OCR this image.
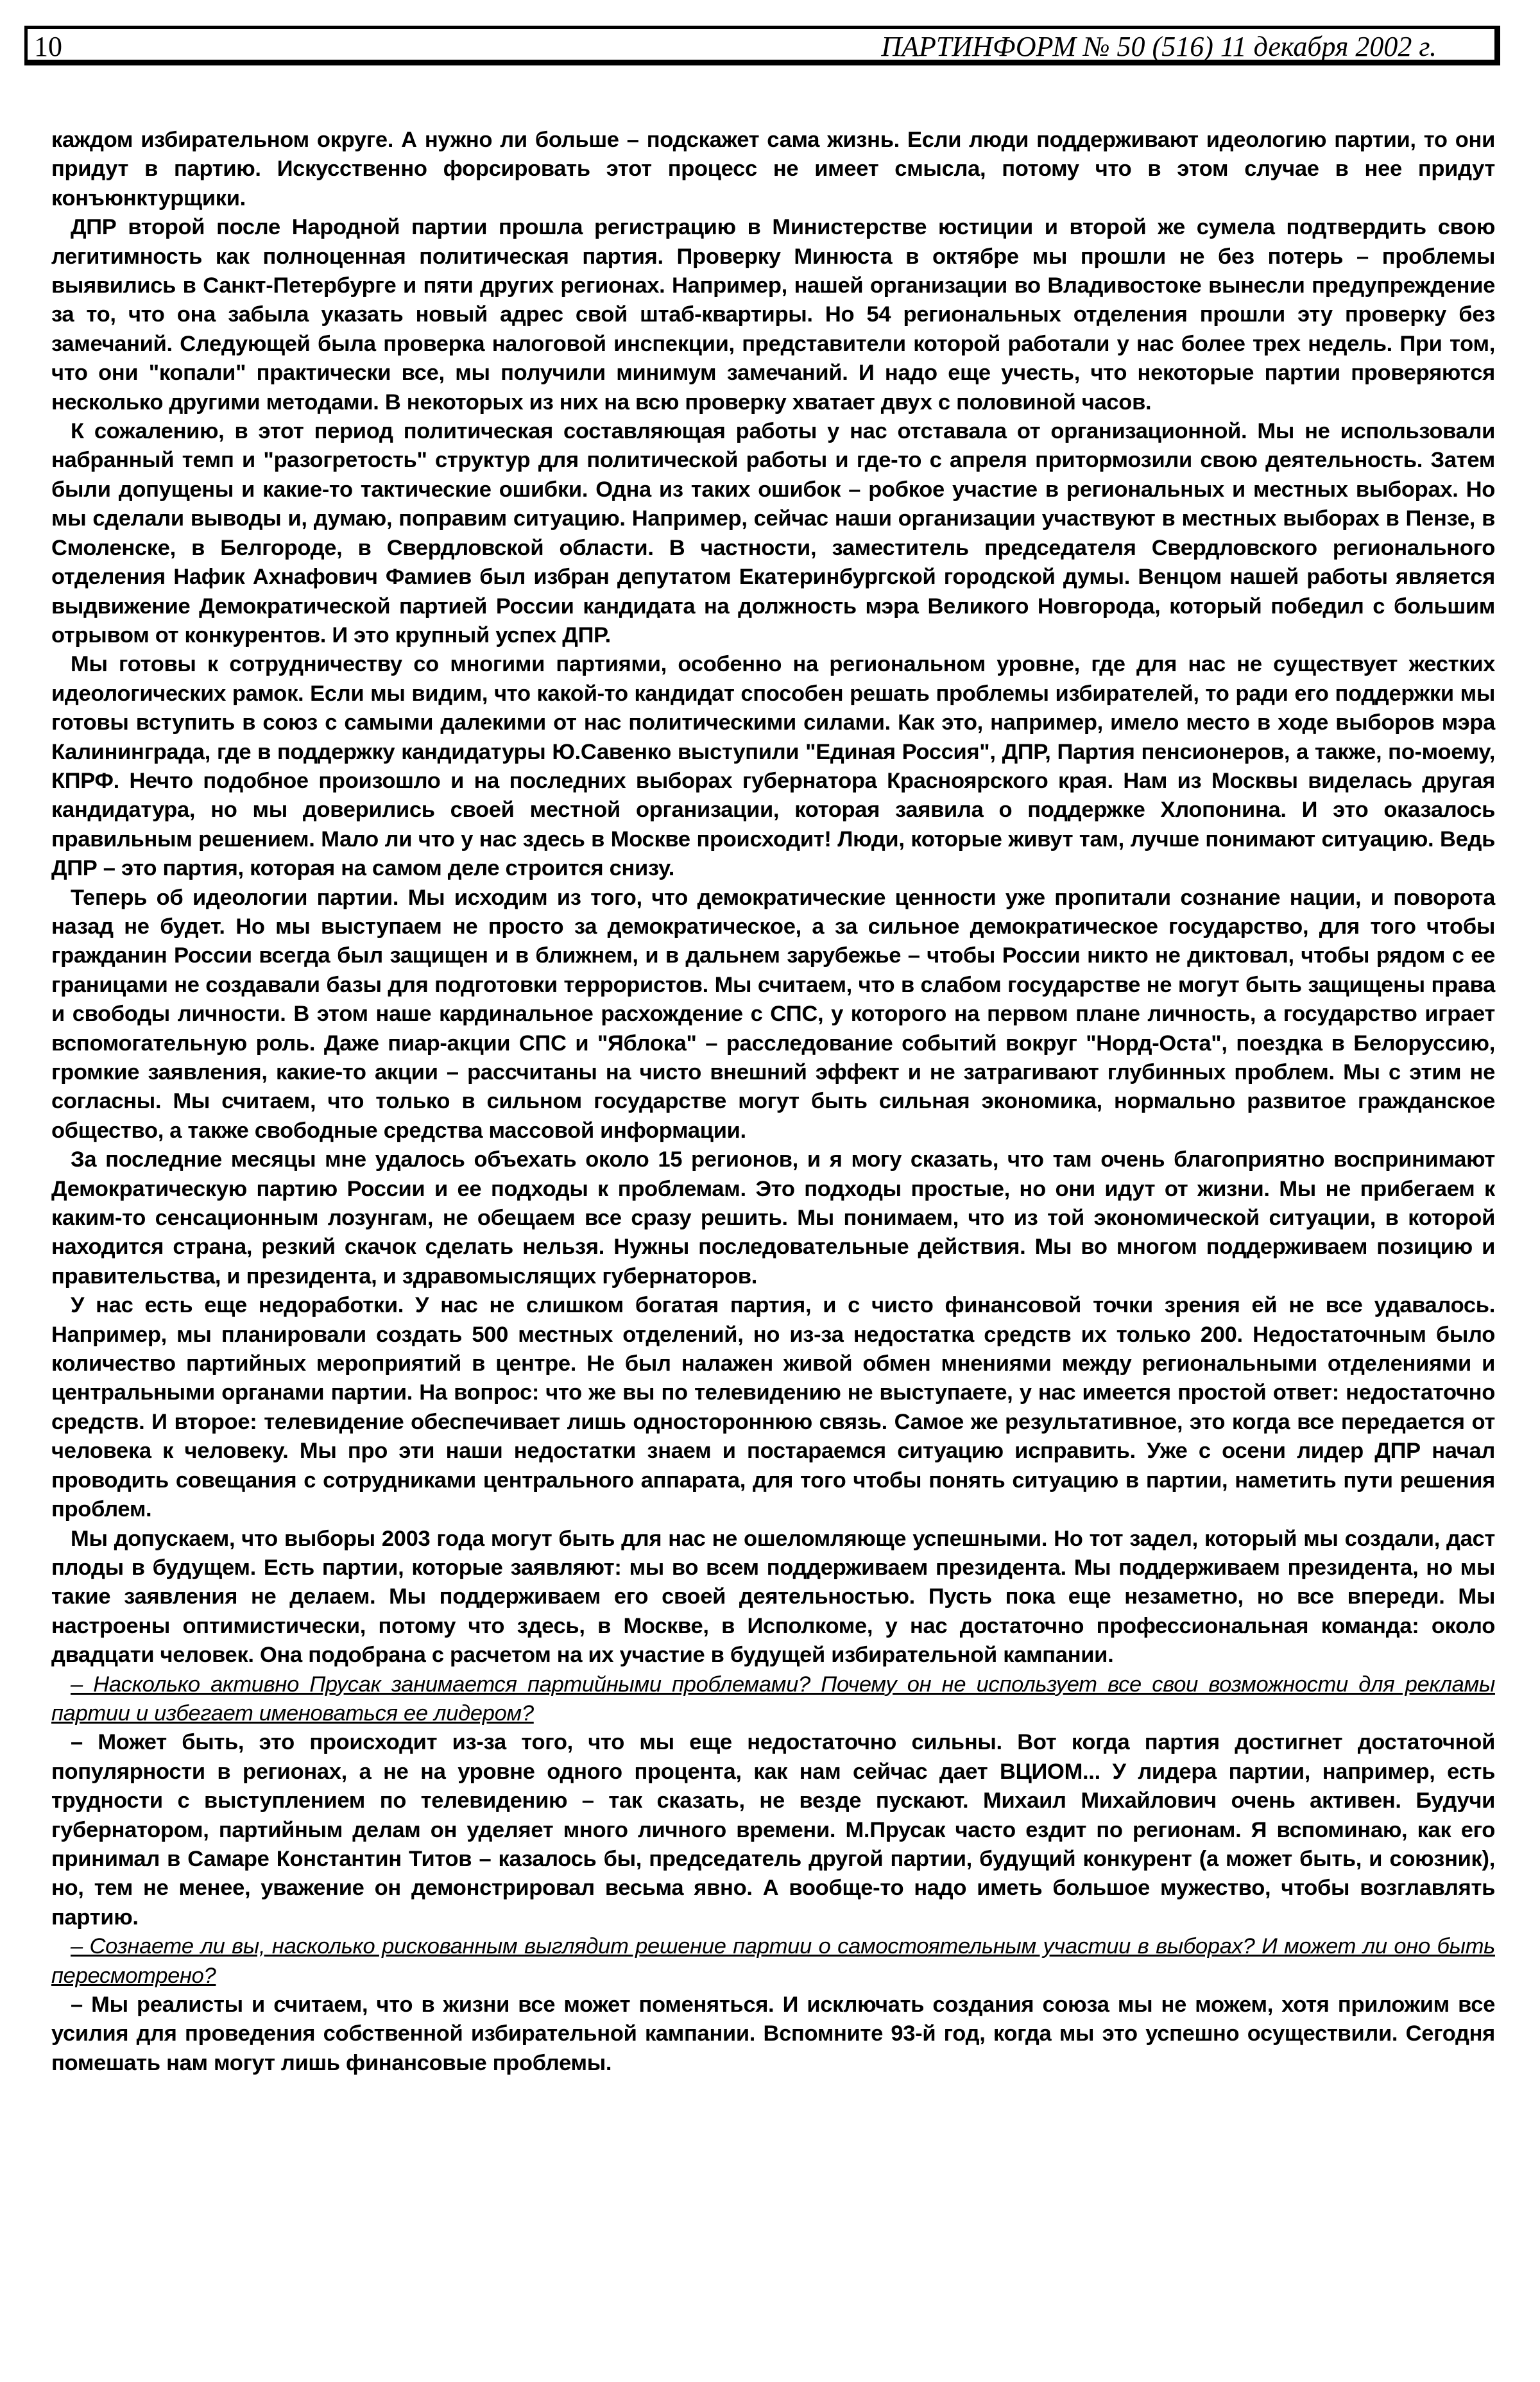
10	ПАРТИНФОРМ № 50 (516) 11 декабря 2002 г.

каждом избирательном округе. А нужно ли больше – подскажет сама жизнь. Если люди поддерживают идеологию партии, то они придут в партию. Искусственно форсировать этот процесс не имеет смысла, потому что в этом случае в нее придут конъюнктурщики.

ДПР второй после Народной партии прошла регистрацию в Министерстве юстиции и второй же сумела подтвердить свою легитимность как полноценная политическая партия. Проверку Минюста в октябре мы прошли не без потерь – проблемы выявились в Санкт-Петербурге и пяти других регионах. Например, нашей организации во Владивостоке вынесли предупреждение за то, что она забыла указать новый адрес свой штаб-квартиры. Но 54 региональных отделения прошли эту проверку без замечаний. Следующей была проверка налоговой инспекции, представители которой работали у нас более трех недель. При том, что они "копали" практически все, мы получили минимум замечаний. И надо еще учесть, что некоторые партии проверяются несколько другими методами. В некоторых из них на всю проверку хватает двух с половиной часов.

К сожалению, в этот период политическая составляющая работы у нас отставала от организационной. Мы не использовали набранный темп и "разогретость" структур для политической работы и где-то с апреля притормозили свою деятельность. Затем были допущены и какие-то тактические ошибки. Одна из таких ошибок – робкое участие в региональных и местных выборах. Но мы сделали выводы и, думаю, поправим ситуацию. Например, сейчас наши организации участвуют в местных выборах в Пензе, в Смоленске, в Белгороде, в Свердловской области. В частности, заместитель председателя Свердловского регионального отделения Нафик Ахнафович Фамиев был избран депутатом Екатеринбургской городской думы. Венцом нашей работы является выдвижение Демократической партией России кандидата на должность мэра Великого Новгорода, который победил с большим отрывом от конкурентов. И это крупный успех ДПР.

Мы готовы к сотрудничеству со многими партиями, особенно на региональном уровне, где для нас не существует жестких идеологических рамок. Если мы видим, что какой-то кандидат способен решать проблемы избирателей, то ради его поддержки мы готовы вступить в союз с самыми далекими от нас политическими силами. Как это, например, имело место в ходе выборов мэра Калининграда, где в поддержку кандидатуры Ю.Савенко выступили "Единая Россия", ДПР, Партия пенсионеров, а также, по-моему, КПРФ. Нечто подобное произошло и на последних выборах губернатора Красноярского края. Нам из Москвы виделась другая кандидатура, но мы доверились своей местной организации, которая заявила о поддержке Хлопонина. И это оказалось правильным решением. Мало ли что у нас здесь в Москве происходит! Люди, которые живут там, лучше понимают ситуацию. Ведь ДПР – это партия, которая на самом деле строится снизу.

Теперь об идеологии партии. Мы исходим из того, что демократические ценности уже пропитали сознание нации, и поворота назад не будет. Но мы выступаем не просто за демократическое, а за сильное демократическое государство, для того чтобы гражданин России всегда был защищен и в ближнем, и в дальнем зарубежье – чтобы России никто не диктовал, чтобы рядом с ее границами не создавали базы для подготовки террористов. Мы считаем, что в слабом государстве не могут быть защищены права и свободы личности. В этом наше кардинальное расхождение с СПС, у которого на первом плане личность, а государство играет вспомогательную роль. Даже пиар-акции СПС и "Яблока" – расследование событий вокруг "Норд-Оста", поездка в Белоруссию, громкие заявления, какие-то акции – рассчитаны на чисто внешний эффект и не затрагивают глубинных проблем. Мы с этим не согласны. Мы считаем, что только в сильном государстве могут быть сильная экономика, нормально развитое гражданское общество, а также свободные средства массовой информации.

За последние месяцы мне удалось объехать около 15 регионов, и я могу сказать, что там очень благоприятно воспринимают Демократическую партию России и ее подходы к проблемам. Это подходы простые, но они идут от жизни. Мы не прибегаем к каким-то сенсационным лозунгам, не обещаем все сразу решить. Мы понимаем, что из той экономической ситуации, в которой находится страна, резкий скачок сделать нельзя. Нужны последовательные действия. Мы во многом поддерживаем позицию и правительства, и президента, и здравомыслящих губернаторов.

У нас есть еще недоработки. У нас не слишком богатая партия, и с чисто финансовой точки зрения ей не все удавалось. Например, мы планировали создать 500 местных отделений, но из-за недостатка средств их только 200. Недостаточным было количество партийных мероприятий в центре. Не был налажен живой обмен мнениями между региональными отделениями и центральными органами партии. На вопрос: что же вы по телевидению не выступаете, у нас имеется простой ответ: недостаточно средств. И второе: телевидение обеспечивает лишь одностороннюю связь. Самое же результативное, это когда все передается от человека к человеку. Мы про эти наши недостатки знаем и постараемся ситуацию исправить. Уже с осени лидер ДПР начал проводить совещания с сотрудниками центрального аппарата, для того чтобы понять ситуацию в партии, наметить пути решения проблем.

Мы допускаем, что выборы 2003 года могут быть для нас не ошеломляюще успешными. Но тот задел, который мы создали, даст плоды в будущем. Есть партии, которые заявляют: мы во всем поддерживаем президента. Мы поддерживаем президента, но мы такие заявления не делаем. Мы поддерживаем его своей деятельностью. Пусть пока еще незаметно, но все впереди. Мы настроены оптимистически, потому что здесь, в Москве, в Исполкоме, у нас достаточно профессиональная команда: около двадцати человек. Она подобрана с расчетом на их участие в будущей избирательной кампании.

– Насколько активно Прусак занимается партийными проблемами? Почему он не использует все свои возможности для рекламы партии и избегает именоваться ее лидером?

– Может быть, это происходит из-за того, что мы еще недостаточно сильны. Вот когда партия достигнет достаточной популярности в регионах, а не на уровне одного процента, как нам сейчас дает ВЦИОМ... У лидера партии, например, есть трудности с выступлением по телевидению – так сказать, не везде пускают. Михаил Михайлович очень активен. Будучи губернатором, партийным делам он уделяет много личного времени. М.Прусак часто ездит по регионам. Я вспоминаю, как его принимал в Самаре Константин Титов – казалось бы, председатель другой партии, будущий конкурент (а может быть, и союзник), но, тем не менее, уважение он демонстрировал весьма явно. А вообще-то надо иметь большое мужество, чтобы возглавлять партию.

– Сознаете ли вы, насколько рискованным выглядит решение партии о самостоятельным участии в выборах? И может ли оно быть пересмотрено?

– Мы реалисты и считаем, что в жизни все может поменяться. И исключать создания союза мы не можем, хотя приложим все усилия для проведения собственной избирательной кампании. Вспомните 93-й год, когда мы это успешно осуществили. Сегодня помешать нам могут лишь финансовые проблемы.
